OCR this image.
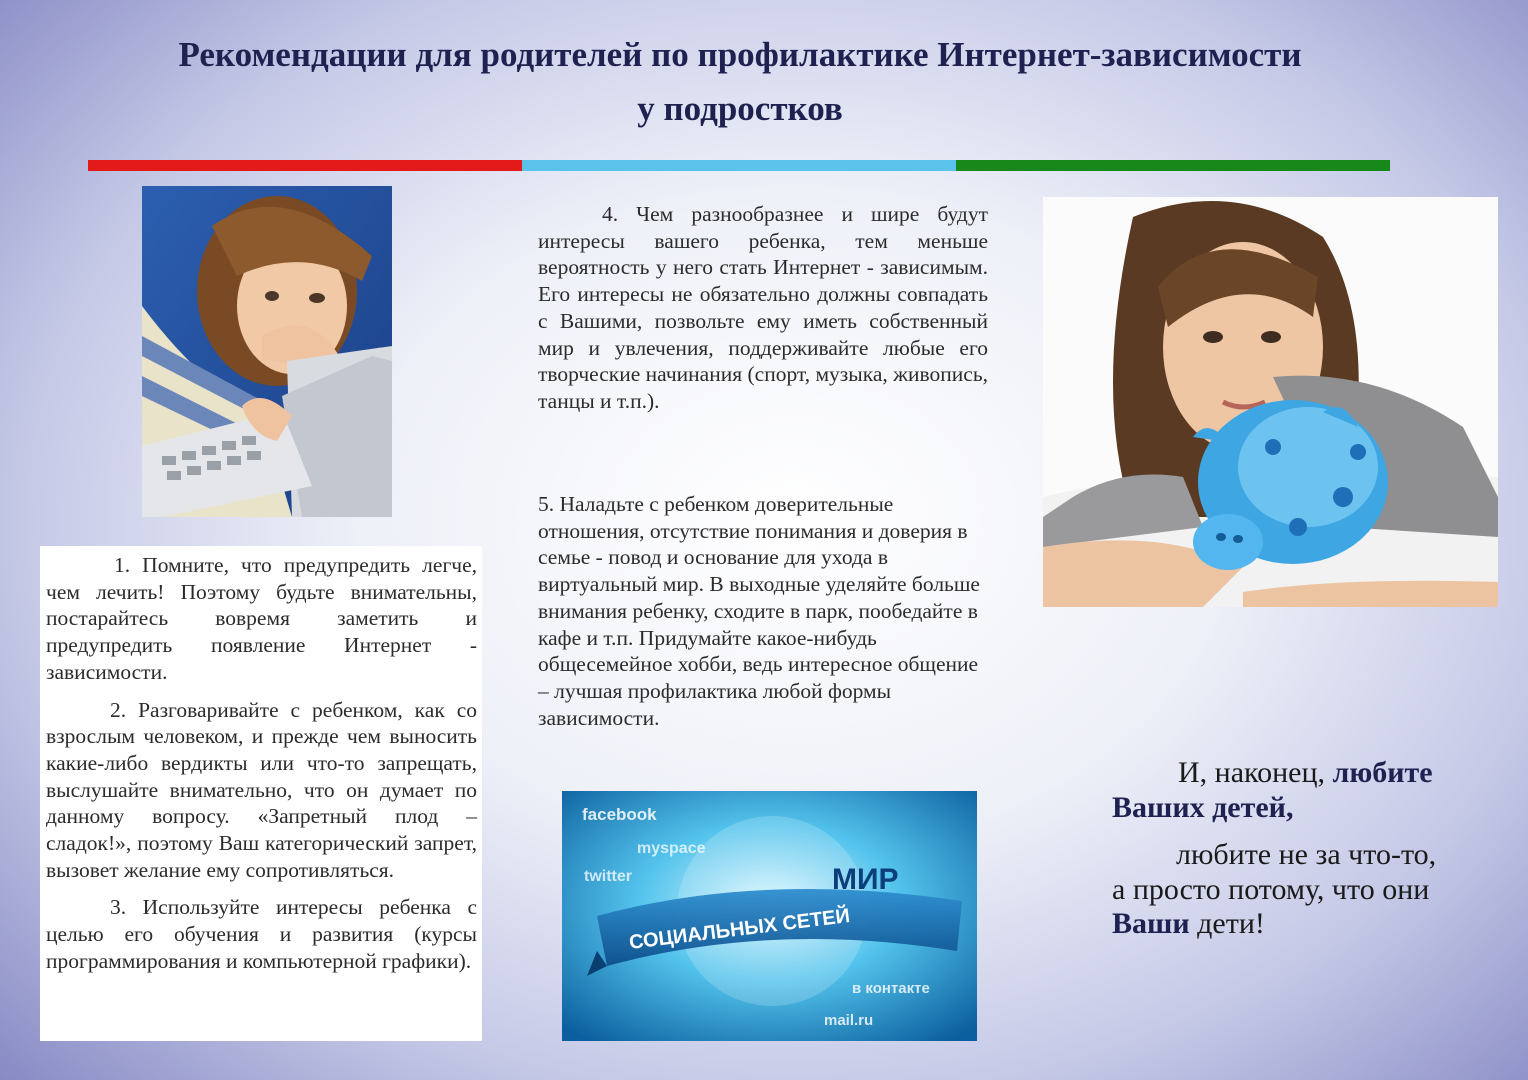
Рекомендации для родителей по профилактике Интернет-зависимости
у подростков

1. Помните, что предупредить легче, чем лечить! Поэтому будьте внимательны, постарайтесь вовремя заметить и предупредить появление Интернет - зависимости.

2. Разговаривайте с ребенком, как со взрослым человеком, и прежде чем выносить какие-либо вердикты или что-то запрещать, выслушайте внимательно, что он думает по данному вопросу. «Запретный плод – сладок!», поэтому Ваш категорический запрет, вызовет желание ему сопротивляться.

3. Используйте интересы ребенка с целью его обучения и развития (курсы программирования и компьютерной графики).

4. Чем разнообразнее и шире будут интересы вашего ребенка, тем меньше вероятность у него стать Интернет - зависимым. Его интересы не обязательно должны совпадать с Вашими, позвольте ему иметь собственный мир и увлечения, поддерживайте любые его творческие начинания (спорт, музыка, живопись, танцы и т.п.).

5. Наладьте с ребенком доверительные отношения, отсутствие понимания и доверия в семье - повод и основание для ухода в виртуальный мир. В выходные уделяйте больше внимания ребенку, сходите в парк, пообедайте в кафе и т.п. Придумайте какое-нибудь общесемейное хобби, ведь интересное общение – лучшая профилактика любой формы зависимости.

facebook
myspace
twitter
в контакте
mail.ru
МИР
СОЦИАЛЬНЫХ СЕТЕЙ
И, наконец, любите
Ваших детей,
любите не за что-то,
а просто потому, что они
Ваши дети!
